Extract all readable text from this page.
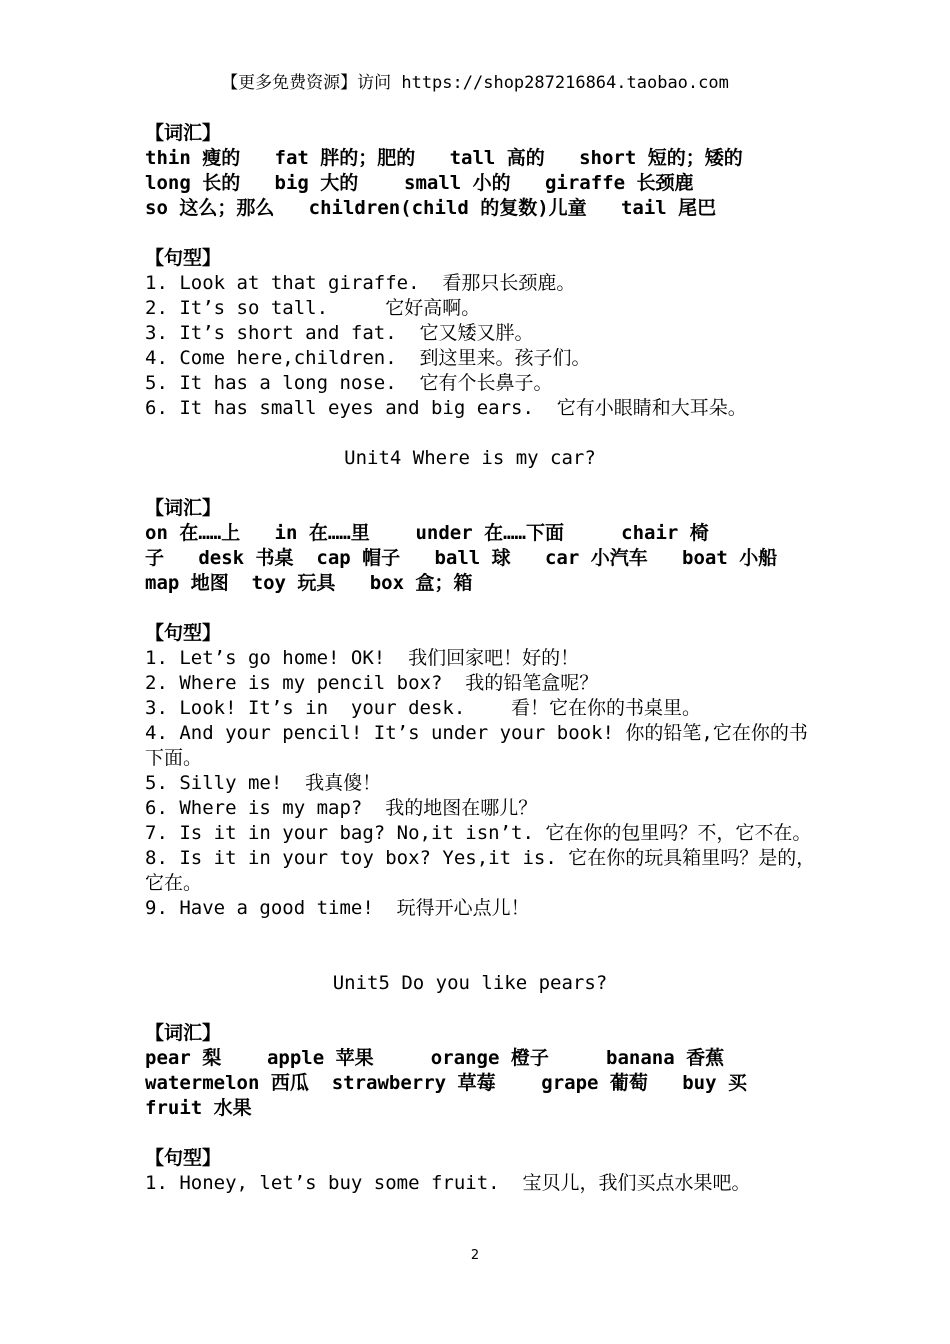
【更多免费资源】访问 https://shop287216864.taobao.com
【词汇】
thin 瘦的   fat 胖的；肥的   tall 高的   short 短的；矮的
long 长的   big 大的    small 小的   giraffe 长颈鹿
so 这么；那么   children(child 的复数)儿童   tail 尾巴
【句型】
1. Look at that giraffe.  看那只长颈鹿。
2. It’s so tall.     它好高啊。
3. It’s short and fat.  它又矮又胖。
4. Come here,children.  到这里来。孩子们。
5. It has a long nose.  它有个长鼻子。
6. It has small eyes and big ears.  它有小眼睛和大耳朵。
Unit4 Where is my car?
【词汇】
on 在……上   in 在……里    under 在……下面     chair 椅
子   desk 书桌  cap 帽子   ball 球   car 小汽车   boat 小船
map 地图  toy 玩具   box 盒；箱
【句型】
1. Let’s go home! OK!  我们回家吧！好的！
2. Where is my pencil box?  我的铅笔盒呢？
3. Look! It’s in  your desk.    看！它在你的书桌里。
4. And your pencil! It’s under your book! 你的铅笔,它在你的书下面。
5. Silly me!  我真傻！
6. Where is my map?  我的地图在哪儿？
7. Is it in your bag? No,it isn’t. 它在你的包里吗？不，它不在。
8. Is it in your toy box? Yes,it is. 它在你的玩具箱里吗？是的，它在。
9. Have a good time!  玩得开心点儿！
Unit5 Do you like pears?
【词汇】
pear 梨    apple 苹果     orange 橙子     banana 香蕉
watermelon 西瓜  strawberry 草莓    grape 葡萄   buy 买
fruit 水果
【句型】
1. Honey, let’s buy some fruit.  宝贝儿，我们买点水果吧。
2
